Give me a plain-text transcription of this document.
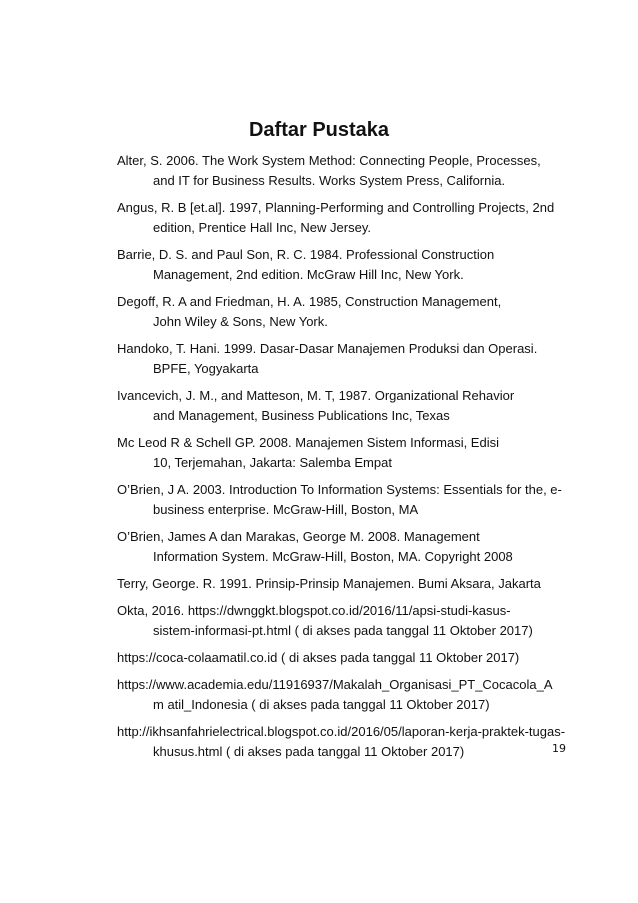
Daftar Pustaka
Alter, S. 2006. The Work System Method: Connecting People, Processes,
and IT for Business Results. Works System Press, California.
Angus, R. B [et.al]. 1997, Planning-Performing and Controlling Projects, 2nd
edition, Prentice Hall Inc, New Jersey.
Barrie, D. S. and Paul Son, R. C. 1984. Professional Construction
Management, 2nd edition. McGraw Hill Inc, New York.
Degoff, R. A and Friedman, H. A. 1985, Construction Management,
John Wiley & Sons, New York.
Handoko, T. Hani. 1999. Dasar-Dasar Manajemen Produksi dan Operasi.
BPFE, Yogyakarta
Ivancevich, J. M., and Matteson, M. T, 1987. Organizational Rehavior
and Management, Business Publications Inc, Texas
Mc Leod R & Schell GP. 2008. Manajemen Sistem Informasi, Edisi
10, Terjemahan, Jakarta: Salemba Empat
O’Brien, J A. 2003. Introduction To Information Systems: Essentials for the, e-
business enterprise. McGraw-Hill, Boston, MA
O’Brien, James A dan Marakas, George M. 2008. Management
Information System. McGraw-Hill, Boston, MA. Copyright 2008
Terry, George. R. 1991. Prinsip-Prinsip Manajemen. Bumi Aksara, Jakarta
Okta, 2016. https://dwnggkt.blogspot.co.id/2016/11/apsi-studi-kasus-
sistem-informasi-pt.html ( di akses pada tanggal 11 Oktober 2017)
https://coca-colaamatil.co.id ( di akses pada tanggal 11 Oktober 2017)
https://www.academia.edu/11916937/Makalah_Organisasi_PT_Cocacola_A
m atil_Indonesia ( di akses pada tanggal 11 Oktober 2017)
http://ikhsanfahrielectrical.blogspot.co.id/2016/05/laporan-kerja-praktek-tugas-
khusus.html ( di akses pada tanggal 11 Oktober 2017)	19
